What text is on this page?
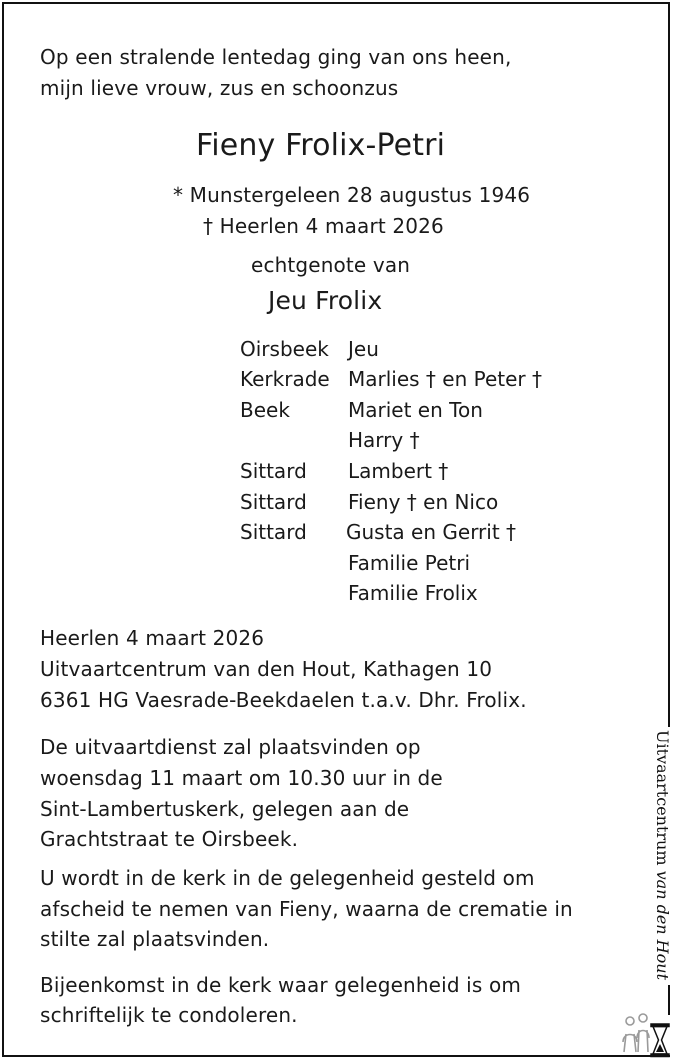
Op een stralende lentedag ging van ons heen,
mijn lieve vrouw, zus en schoonzus
Fieny Frolix-Petri
* Munstergeleen 28 augustus 1946
† Heerlen 4 maart 2026
echtgenote van
Jeu Frolix
Oirsbeek Jeu
Kerkrade Marlies † en Peter †
Beek	Mariet en Ton
Harry †
Sittard Lambert †
Sittard Fieny † en Nico
Sittard Gusta en Gerrit †
Familie Petri
Familie Frolix
Heerlen 4 maart 2026
Uitvaartcentrum van den Hout, Kathagen 10
6361 HG Vaesrade-Beekdaelen t.a.v. Dhr. Frolix.
De uitvaartdienst zal plaatsvinden op
woensdag 11 maart om 10.30 uur in de
Sint-Lambertuskerk, gelegen aan de
Grachtstraat te Oirsbeek.
U wordt in de kerk in de gelegenheid gesteld om
afscheid te nemen van Fieny, waarna de crematie in
stilte zal plaatsvinden.
Bijeenkomst in de kerk waar gelegenheid is om
schriftelijk te condoleren.
Uitvaartcentrum van den Hout
